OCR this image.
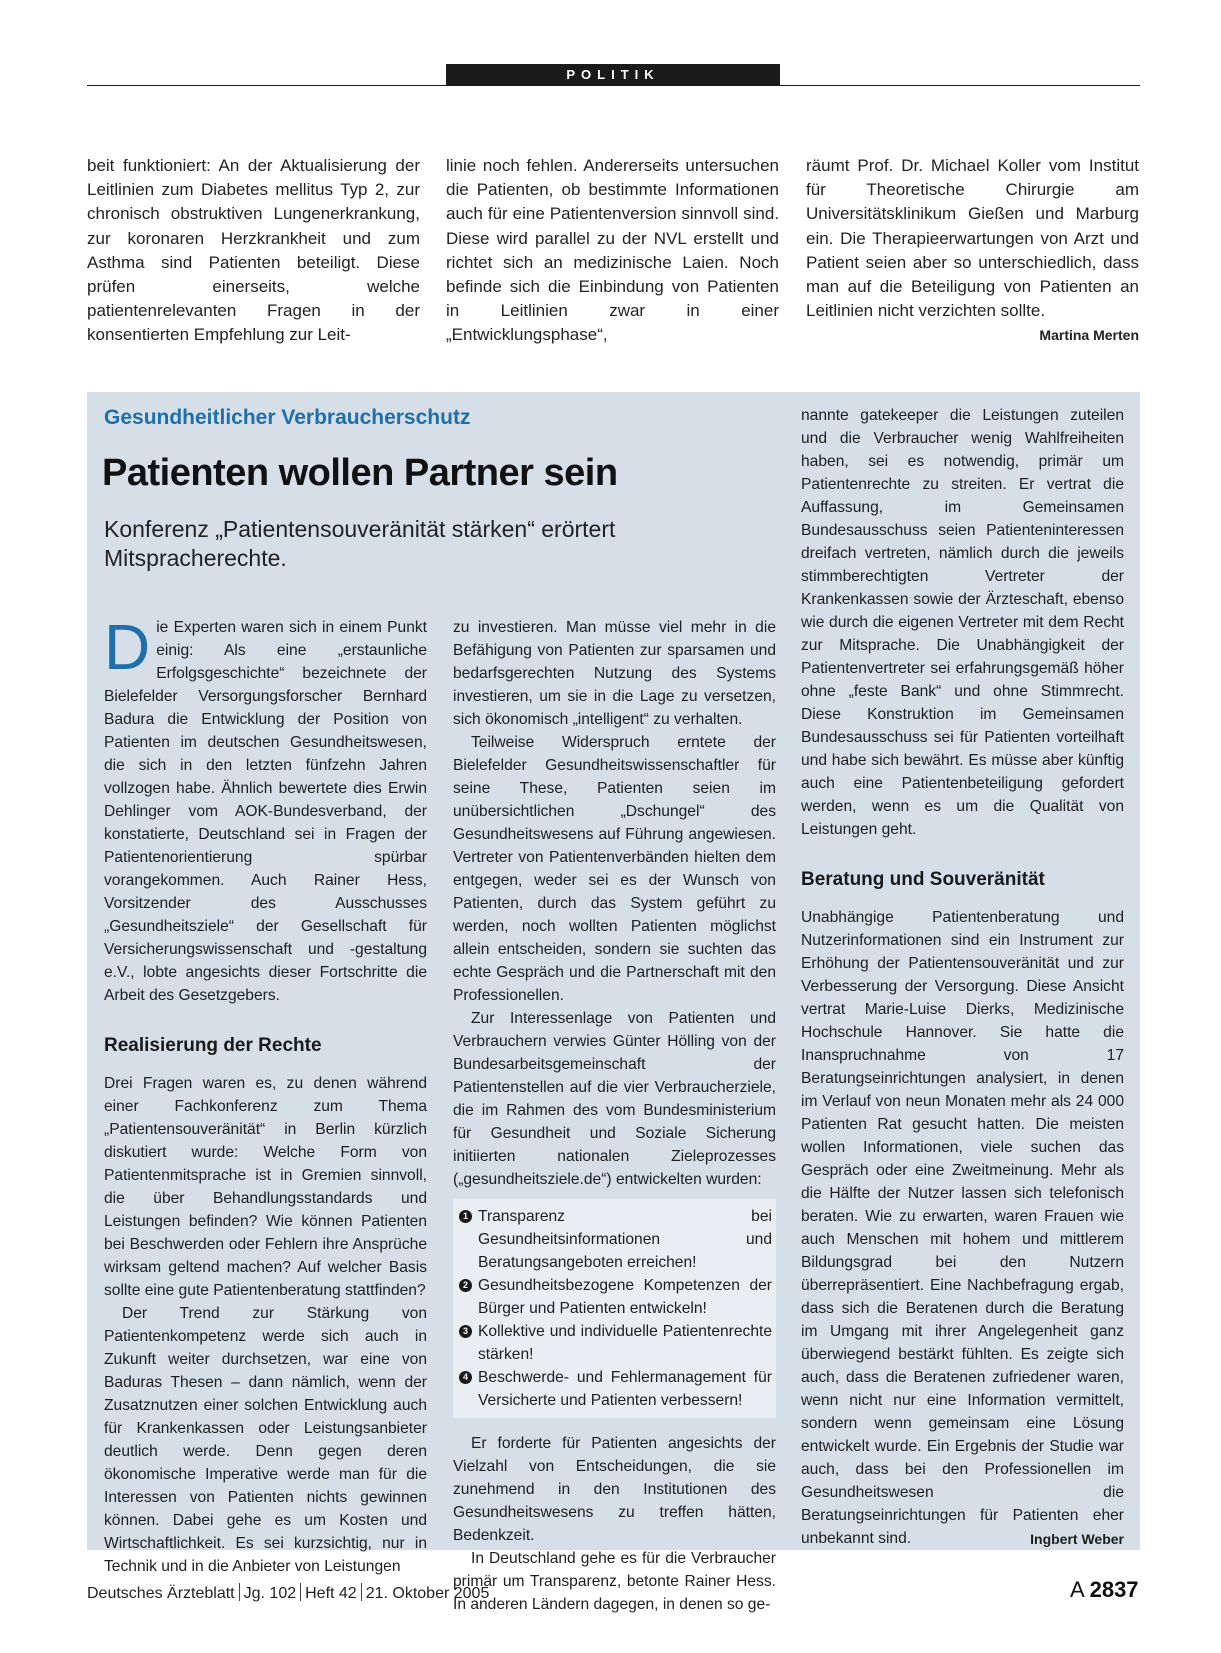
POLITIK
beit funktioniert: An der Aktualisierung der Leitlinien zum Diabetes mellitus Typ 2, zur chronisch obstruktiven Lungenerkrankung, zur koronaren Herzkrankheit und zum Asthma sind Patienten beteiligt. Diese prüfen einerseits, welche patientenrelevanten Fragen in der konsentierten Empfehlung zur Leit-
linie noch fehlen. Andererseits untersuchen die Patienten, ob bestimmte Informationen auch für eine Patientenversion sinnvoll sind. Diese wird parallel zu der NVL erstellt und richtet sich an medizinische Laien. Noch befinde sich die Einbindung von Patienten in Leitlinien zwar in einer „Entwicklungsphase“,
räumt Prof. Dr. Michael Koller vom Institut für Theoretische Chirurgie am Universitätsklinikum Gießen und Marburg ein. Die Therapieerwartungen von Arzt und Patient seien aber so unterschiedlich, dass man auf die Beteiligung von Patienten an Leitlinien nicht verzichten sollte.
Martina Merten
Gesundheitlicher Verbraucherschutz
Patienten wollen Partner sein
Konferenz „Patientensouveränität stärken“ erörtert Mitspracherechte.

D ie Experten waren sich in einem Punkt einig: Als eine „erstaunliche Erfolgsgeschichte“ bezeichnete der Bielefelder Versorgungsforscher Bernhard Badura die Entwicklung der Position von Patienten im deutschen Gesundheitswesen, die sich in den letzten fünfzehn Jahren vollzogen habe. Ähnlich bewertete dies Erwin Dehlinger vom AOK-Bundesverband, der konstatierte, Deutschland sei in Fragen der Patientenorientierung spürbar vorangekommen. Auch Rainer Hess, Vorsitzender des Ausschusses „Gesundheitsziele“ der Gesellschaft für Versicherungswissenschaft und -gestaltung e.V., lobte angesichts dieser Fortschritte die Arbeit des Gesetzgebers.

Realisierung der Rechte

Drei Fragen waren es, zu denen während einer Fachkonferenz zum Thema „Patientensouveränität“ in Berlin kürzlich diskutiert wurde: Welche Form von Patientenmitsprache ist in Gremien sinnvoll, die über Behandlungsstandards und Leistungen befinden? Wie können Patienten bei Beschwerden oder Fehlern ihre Ansprüche wirksam geltend machen? Auf welcher Basis sollte eine gute Patientenberatung stattfinden?

Der Trend zur Stärkung von Patientenkompetenz werde sich auch in Zukunft weiter durchsetzen, war eine von Baduras Thesen – dann nämlich, wenn der Zusatznutzen einer solchen Entwicklung auch für Krankenkassen oder Leistungsanbieter deutlich werde. Denn gegen deren ökonomische Imperative werde man für die Interessen von Patienten nichts gewinnen können. Dabei gehe es um Kosten und Wirtschaftlichkeit. Es sei kurzsichtig, nur in Technik und in die Anbieter von Leistungen

zu investieren. Man müsse viel mehr in die Befähigung von Patienten zur sparsamen und bedarfsgerechten Nutzung des Systems investieren, um sie in die Lage zu versetzen, sich ökonomisch „intelligent“ zu verhalten.

Teilweise Widerspruch erntete der Bielefelder Gesundheitswissenschaftler für seine These, Patienten seien im unübersichtlichen „Dschungel“ des Gesundheitswesens auf Führung angewiesen. Vertreter von Patientenverbänden hielten dem entgegen, weder sei es der Wunsch von Patienten, durch das System geführt zu werden, noch wollten Patienten möglichst allein entscheiden, sondern sie suchten das echte Gespräch und die Partnerschaft mit den Professionellen.

Zur Interessenlage von Patienten und Verbrauchern verwies Günter Hölling von der Bundesarbeitsgemeinschaft der Patientenstellen auf die vier Verbraucherziele, die im Rahmen des vom Bundesministerium für Gesundheit und Soziale Sicherung initiierten nationalen Zieleprozesses („gesundheitsziele.de“) entwickelten wurden:

1 Transparenz bei Gesundheitsinformationen und Beratungsangeboten erreichen!
2 Gesundheitsbezogene Kompetenzen der Bürger und Patienten entwickeln!
3 Kollektive und individuelle Patientenrechte stärken!
4 Beschwerde- und Fehlermanagement für Versicherte und Patienten verbessern!

Er forderte für Patienten angesichts der Vielzahl von Entscheidungen, die sie zunehmend in den Institutionen des Gesundheitswesens zu treffen hätten, Bedenkzeit.

In Deutschland gehe es für die Verbraucher primär um Transparenz, betonte Rainer Hess. In anderen Ländern dagegen, in denen so ge-

nannte gatekeeper die Leistungen zuteilen und die Verbraucher wenig Wahlfreiheiten haben, sei es notwendig, primär um Patientenrechte zu streiten. Er vertrat die Auffassung, im Gemeinsamen Bundesausschuss seien Patienteninteressen dreifach vertreten, nämlich durch die jeweils stimmberechtigten Vertreter der Krankenkassen sowie der Ärzteschaft, ebenso wie durch die eigenen Vertreter mit dem Recht zur Mitsprache. Die Unabhängigkeit der Patientenvertreter sei erfahrungsgemäß höher ohne „feste Bank“ und ohne Stimmrecht. Diese Konstruktion im Gemeinsamen Bundesausschuss sei für Patienten vorteilhaft und habe sich bewährt. Es müsse aber künftig auch eine Patientenbeteiligung gefordert werden, wenn es um die Qualität von Leistungen geht.

Beratung und Souveränität

Unabhängige Patientenberatung und Nutzerinformationen sind ein Instrument zur Erhöhung der Patientensouveränität und zur Verbesserung der Versorgung. Diese Ansicht vertrat Marie-Luise Dierks, Medizinische Hochschule Hannover. Sie hatte die Inanspruchnahme von 17 Beratungseinrichtungen analysiert, in denen im Verlauf von neun Monaten mehr als 24 000 Patienten Rat gesucht hatten. Die meisten wollen Informationen, viele suchen das Gespräch oder eine Zweitmeinung. Mehr als die Hälfte der Nutzer lassen sich telefonisch beraten. Wie zu erwarten, waren Frauen wie auch Menschen mit hohem und mittlerem Bildungsgrad bei den Nutzern überrepräsentiert. Eine Nachbefragung ergab, dass sich die Beratenen durch die Beratung im Umgang mit ihrer Angelegenheit ganz überwiegend bestärkt fühlten. Es zeigte sich auch, dass die Beratenen zufriedener waren, wenn nicht nur eine Information vermittelt, sondern wenn gemeinsam eine Lösung entwickelt wurde. Ein Ergebnis der Studie war auch, dass bei den Professionellen im Gesundheitswesen die Beratungseinrichtungen für Patienten eher unbekannt sind.	Ingbert Weber

Deutsches Ärzteblatt Jg. 102 Heft 42 21. Oktober 2005	A 2837
